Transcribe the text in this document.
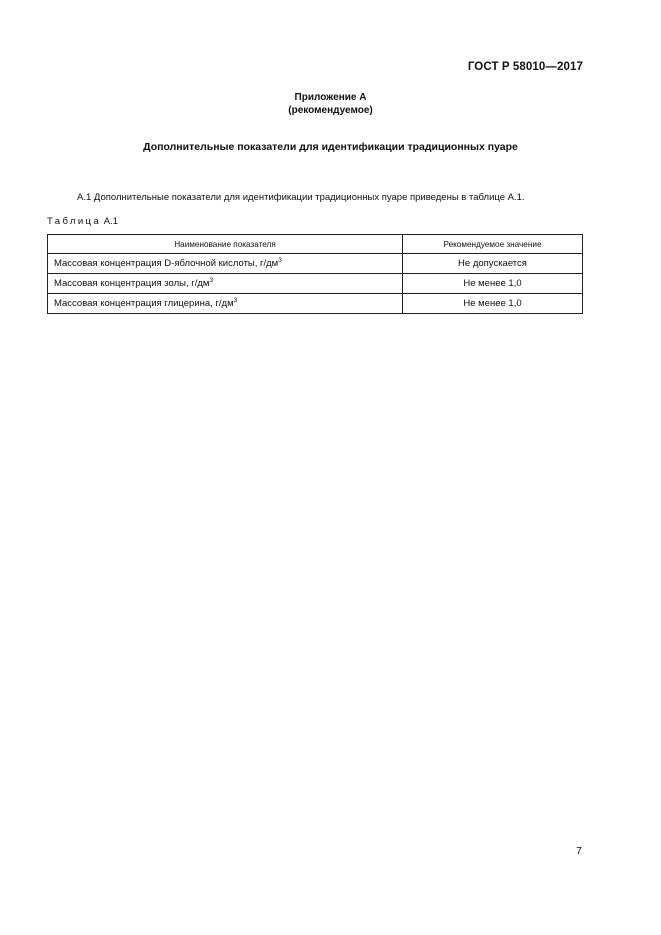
ГОСТ Р 58010—2017
Приложение А
(рекомендуемое)
Дополнительные показатели для идентификации традиционных пуаре
А.1 Дополнительные показатели для идентификации традиционных пуаре приведены в таблице А.1.
Таблица А.1
Наименование показателя	Рекомендуемое значение
Массовая концентрация D-яблочной кислоты, $г/дм^3$	Не допускается
Массовая концентрация золы, $г/дм^3$	Не менее 1,0
Массовая концентрация глицерина, $г/дм^3$	Не менее 1,0
7
